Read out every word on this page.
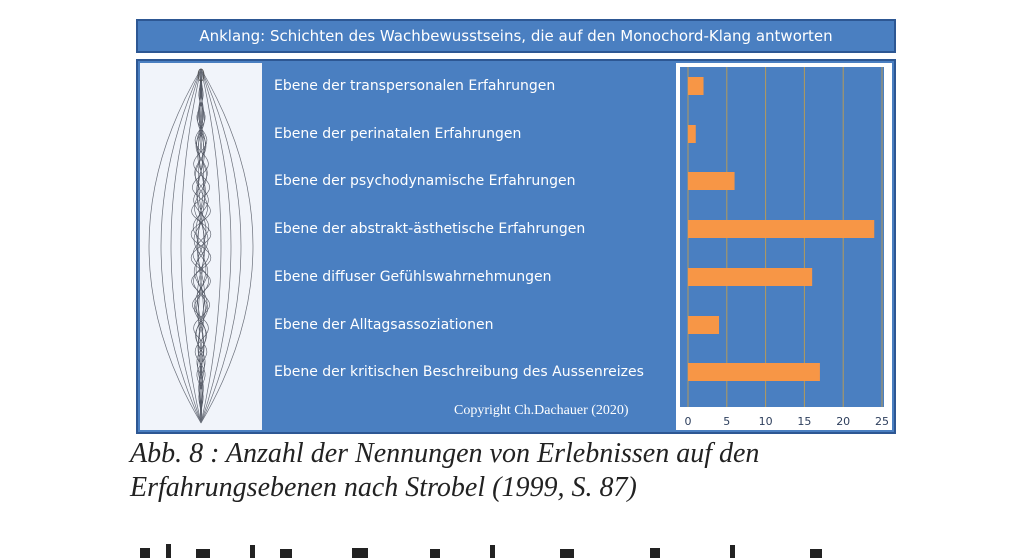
Anklang: Schichten des Wachbewusstseins, die auf den Monochord-Klang antworten
Ebene der transpersonalen Erfahrungen
Ebene der perinatalen Erfahrungen
Ebene der psychodynamische Erfahrungen
Ebene der abstrakt-ästhetische Erfahrungen
Ebene diffuser Gefühlswahrnehmungen
Ebene der Alltagsassoziationen
Ebene der kritischen Beschreibung des Aussenreizes
Copyright Ch.Dachauer (2020)
0	5	10 15 20 25
Abb. 8 : Anzahl der Nennungen von Erlebnissen auf den
Erfahrungsebenen nach Strobel (1999, S. 87)
